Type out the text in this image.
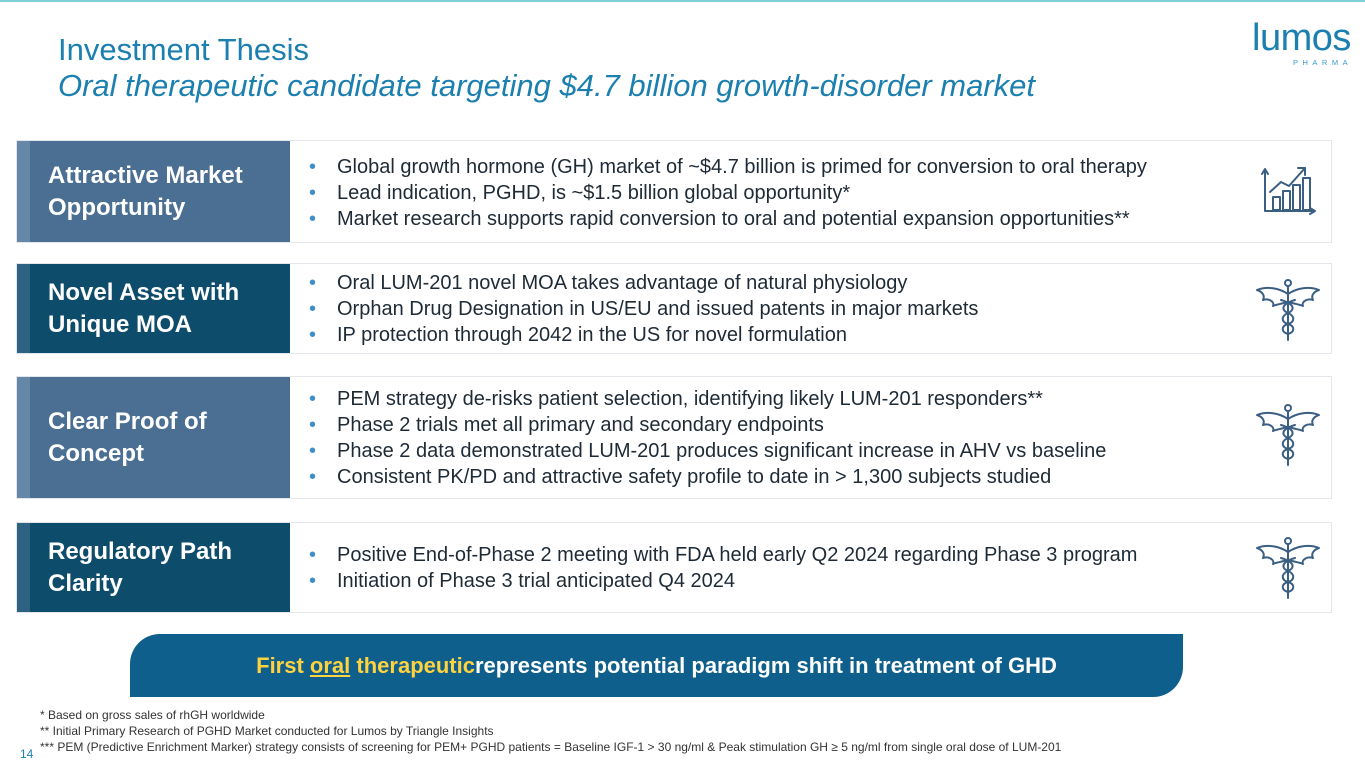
Investment Thesis
Oral therapeutic candidate targeting $4.7 billion growth-disorder market
lumos
PHARMA
Attractive Market Opportunity
• Global growth hormone (GH) market of ~$4.7 billion is primed for conversion to oral therapy
• Lead indication, PGHD, is ~$1.5 billion global opportunity*
• Market research supports rapid conversion to oral and potential expansion opportunities**
Novel Asset with Unique MOA
• Oral LUM-201 novel MOA takes advantage of natural physiology
• Orphan Drug Designation in US/EU and issued patents in major markets
• IP protection through 2042 in the US for novel formulation
Clear Proof of Concept
• PEM strategy de-risks patient selection, identifying likely LUM-201 responders**
• Phase 2 trials met all primary and secondary endpoints
• Phase 2 data demonstrated LUM-201 produces significant increase in AHV vs baseline
• Consistent PK/PD and attractive safety profile to date in > 1,300 subjects studied
Regulatory Path Clarity
• Positive End-of-Phase 2 meeting with FDA held early Q2 2024 regarding Phase 3 program
• Initiation of Phase 3 trial anticipated Q4 2024
First oral therapeutic represents potential paradigm shift in treatment of GHD
* Based on gross sales of rhGH worldwide
** Initial Primary Research of PGHD Market conducted for Lumos by Triangle Insights
*** PEM (Predictive Enrichment Marker) strategy consists of screening for PEM+ PGHD patients = Baseline IGF-1 > 30 ng/ml & Peak stimulation GH ≥ 5 ng/ml from single oral dose of LUM-201
14
